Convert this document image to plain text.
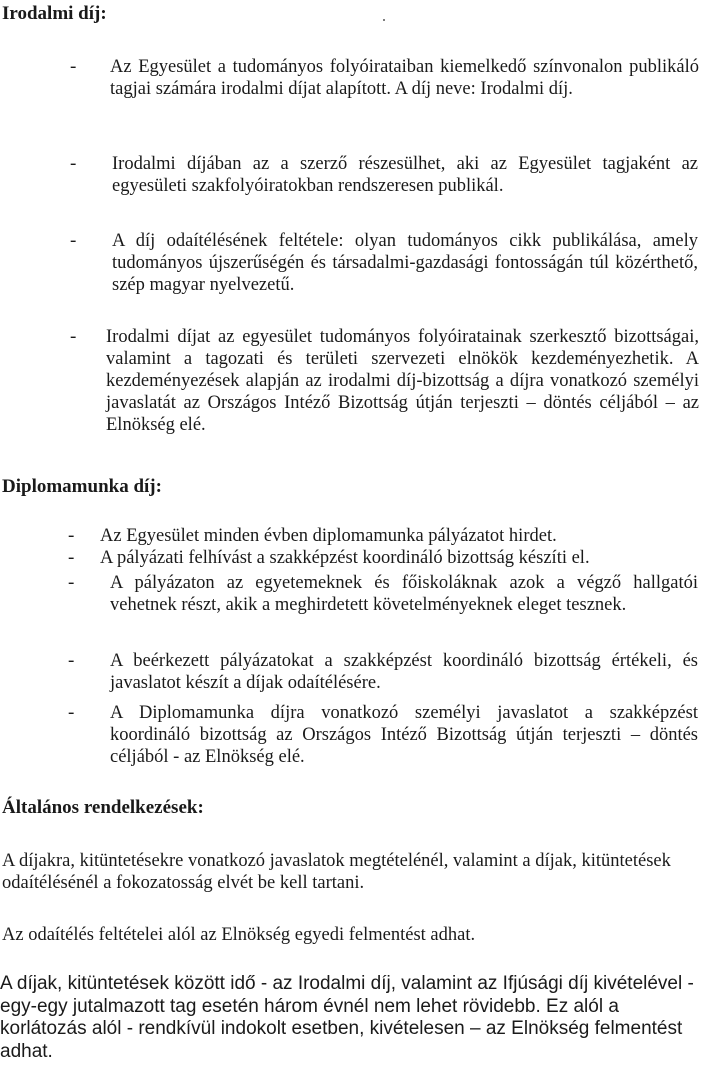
Irodalmi díj:
- Az Egyesület a tudományos folyóirataiban kiemelkedő színvonalon publikáló tagjai számára irodalmi díjat alapított. A díj neve: Irodalmi díj.
- Irodalmi díjában az a szerző részesülhet, aki az Egyesület tagjaként az egyesületi szakfolyóiratokban rendszeresen publikál.
- A díj odaítélésének feltétele: olyan tudományos cikk publikálása, amely tudományos újszerűségén és társadalmi-gazdasági fontosságán túl közérthető, szép magyar nyelvezetű.
- Irodalmi díjat az egyesület tudományos folyóiratainak szerkesztő bizottságai, valamint a tagozati és területi szervezeti elnökök kezdeményezhetik. A kezdeményezések alapján az irodalmi díj-bizottság a díjra vonatkozó személyi javaslatát az Országos Intéző Bizottság útján terjeszti – döntés céljából – az Elnökség elé.
Diplomamunka díj:
- Az Egyesület minden évben diplomamunka pályázatot hirdet.
- A pályázati felhívást a szakképzést koordináló bizottság készíti el.
- A pályázaton az egyetemeknek és főiskoláknak azok a végző hallgatói vehetnek részt, akik a meghirdetett követelményeknek eleget tesznek.
- A beérkezett pályázatokat a szakképzést koordináló bizottság értékeli, és javaslatot készít a díjak odaítélésére.
- A Diplomamunka díjra vonatkozó személyi javaslatot a szakképzést koordináló bizottság az Országos Intéző Bizottság útján terjeszti – döntés céljából - az Elnökség elé.
Általános rendelkezések:
A díjakra, kitüntetésekre vonatkozó javaslatok megtételénél, valamint a díjak, kitüntetések odaítélésénél a fokozatosság elvét be kell tartani.
Az odaítélés feltételei alól az Elnökség egyedi felmentést adhat.
A díjak, kitüntetések között idő - az Irodalmi díj, valamint az Ifjúsági díj kivételével - egy-egy jutalmazott tag esetén három évnél nem lehet rövidebb. Ez alól a korlátozás alól - rendkívül indokolt esetben, kivételesen – az Elnökség felmentést adhat.
